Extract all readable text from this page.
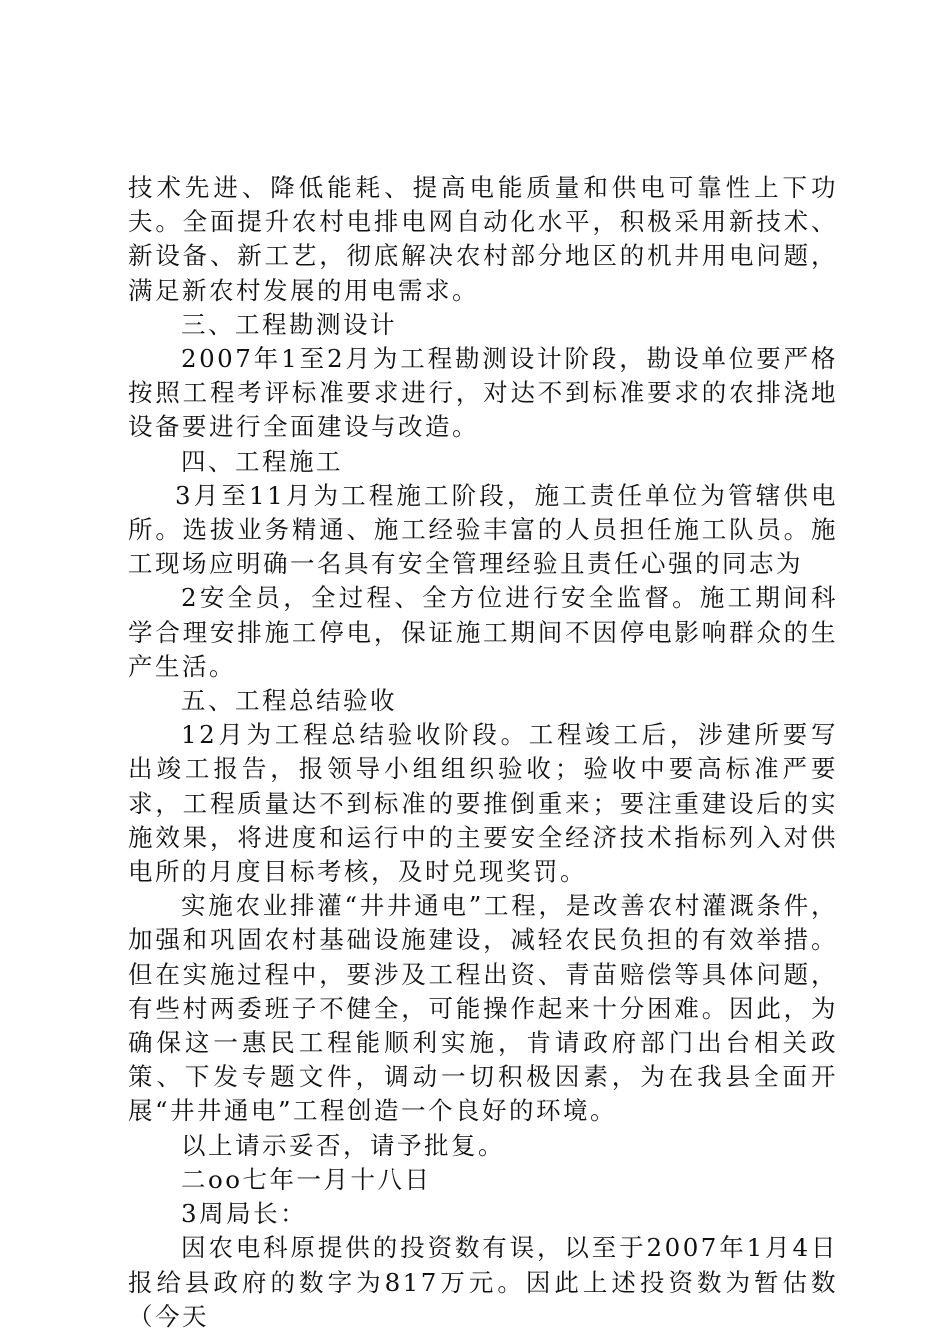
技术先进、降低能耗、提高电能质量和供电可靠性上下功夫。全面提升农村电排电网自动化水平，积极采用新技术、新设备、新工艺，彻底解决农村部分地区的机井用电问题，满足新农村发展的用电需求。

三、工程勘测设计

2007年1至2月为工程勘测设计阶段，勘设单位要严格按照工程考评标准要求进行，对达不到标准要求的农排浇地设备要进行全面建设与改造。

四、工程施工

3月至11月为工程施工阶段，施工责任单位为管辖供电所。选拔业务精通、施工经验丰富的人员担任施工队员。施工现场应明确一名具有安全管理经验且责任心强的同志为

2安全员，全过程、全方位进行安全监督。施工期间科学合理安排施工停电，保证施工期间不因停电影响群众的生产生活。

五、工程总结验收

12月为工程总结验收阶段。工程竣工后，涉建所要写出竣工报告，报领导小组组织验收；验收中要高标准严要求，工程质量达不到标准的要推倒重来；要注重建设后的实施效果，将进度和运行中的主要安全经济技术指标列入对供电所的月度目标考核，及时兑现奖罚。

实施农业排灌“井井通电”工程，是改善农村灌溉条件，加强和巩固农村基础设施建设，减轻农民负担的有效举措。但在实施过程中，要涉及工程出资、青苗赔偿等具体问题，有些村两委班子不健全，可能操作起来十分困难。因此，为确保这一惠民工程能顺利实施，肯请政府部门出台相关政策、下发专题文件，调动一切积极因素，为在我县全面开展“井井通电”工程创造一个良好的环境。

以上请示妥否，请予批复。

二oo七年一月十八日

3周局长：

因农电科原提供的投资数有误，以至于2007年1月4日报给县政府的数字为817万元。因此上述投资数为暂估数（今天
